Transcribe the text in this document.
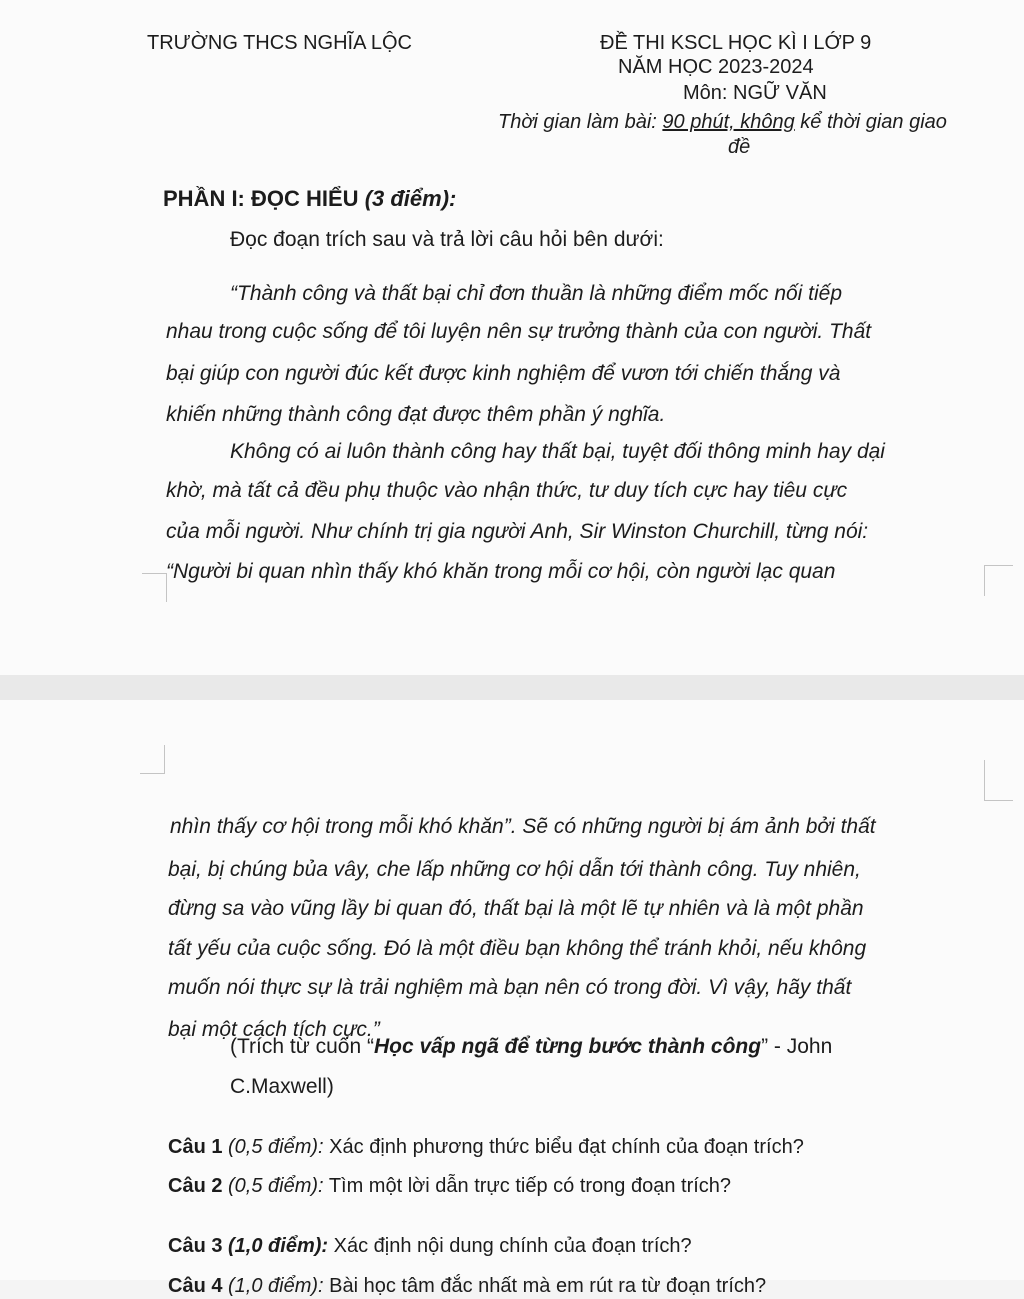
TRƯỜNG THCS NGHĨA LỘC	ĐỀ THI KSCL HỌC KÌ I LỚP 9

NĂM HỌC 2023-2024

Môn: NGỮ VĂN

Thời gian làm bài: 90 phút, không kể thời gian giao

đề

PHẦN I: ĐỌC HIỂU (3 điểm):

Đọc đoạn trích sau và trả lời câu hỏi bên dưới:

“Thành công và thất bại chỉ đơn thuần là những điểm mốc nối tiếp

nhau trong cuộc sống để tôi luyện nên sự trưởng thành của con người. Thất

bại giúp con người đúc kết được kinh nghiệm để vươn tới chiến thắng và

khiến những thành công đạt được thêm phần ý nghĩa.

Không có ai luôn thành công hay thất bại, tuyệt đối thông minh hay dại

khờ, mà tất cả đều phụ thuộc vào nhận thức, tư duy tích cực hay tiêu cực

của mỗi người. Như chính trị gia người Anh, Sir Winston Churchill, từng nói:

“Người bi quan nhìn thấy khó khăn trong mỗi cơ hội, còn người lạc quan

nhìn thấy cơ hội trong mỗi khó khăn”. Sẽ có những người bị ám ảnh bởi thất

bại, bị chúng bủa vây, che lấp những cơ hội dẫn tới thành công. Tuy nhiên,

đừng sa vào vũng lầy bi quan đó, thất bại là một lẽ tự nhiên và là một phần

tất yếu của cuộc sống. Đó là một điều bạn không thể tránh khỏi, nếu không

muốn nói thực sự là trải nghiệm mà bạn nên có trong đời. Vì vậy, hãy thất

bại một cách tích cực.”

(Trích từ cuốn “Học vấp ngã để từng bước thành công” - John

C.Maxwell)

Câu 1 (0,5 điểm): Xác định phương thức biểu đạt chính của đoạn trích?

Câu 2 (0,5 điểm): Tìm một lời dẫn trực tiếp có trong đoạn trích?

Câu 3 (1,0 điểm): Xác định nội dung chính của đoạn trích?

Câu 4 (1,0 điểm): Bài học tâm đắc nhất mà em rút ra từ đoạn trích?
